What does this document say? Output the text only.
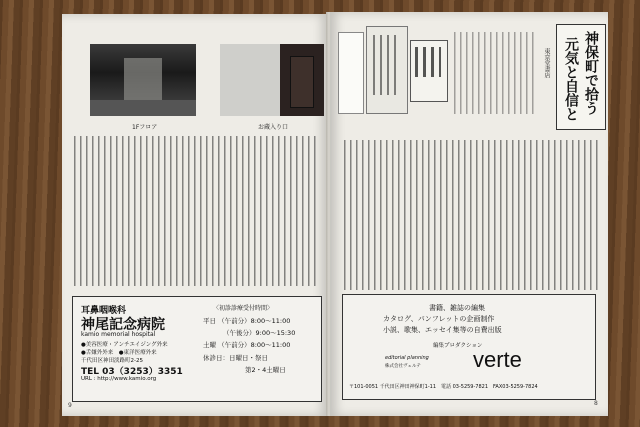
1Fフロア	お蔵入り口
耳鼻咽喉科
神尾記念病院
kamio memorial hospital
●美容医療・アンチエイジング外来
●舌嫌外外来　●東洋医療外来
千代田区神田淡路町2-25
TEL 03（3253）3351
URL : http://www.kamio.org
〈初診診療受付時間〉
平日 （午前分）8:00～11:00
（午後分）9:00～15:30
土曜 （午前分）8:00～11:00
休診日：日曜日・祭日
第2・4土曜日
9
東京堂書店 神保町で拾う
元気と自信と
書籍、雑誌の編集
カタログ、パンフレットの企画制作
小説、歌集、エッセイ集等の自費出版
編集プロダクション
editorial planning
株式会社ヴェルテ verte
〒101-0051 千代田区神田神保町1-11　電話 03-5259-7821　FAX03-5259-7824
8
